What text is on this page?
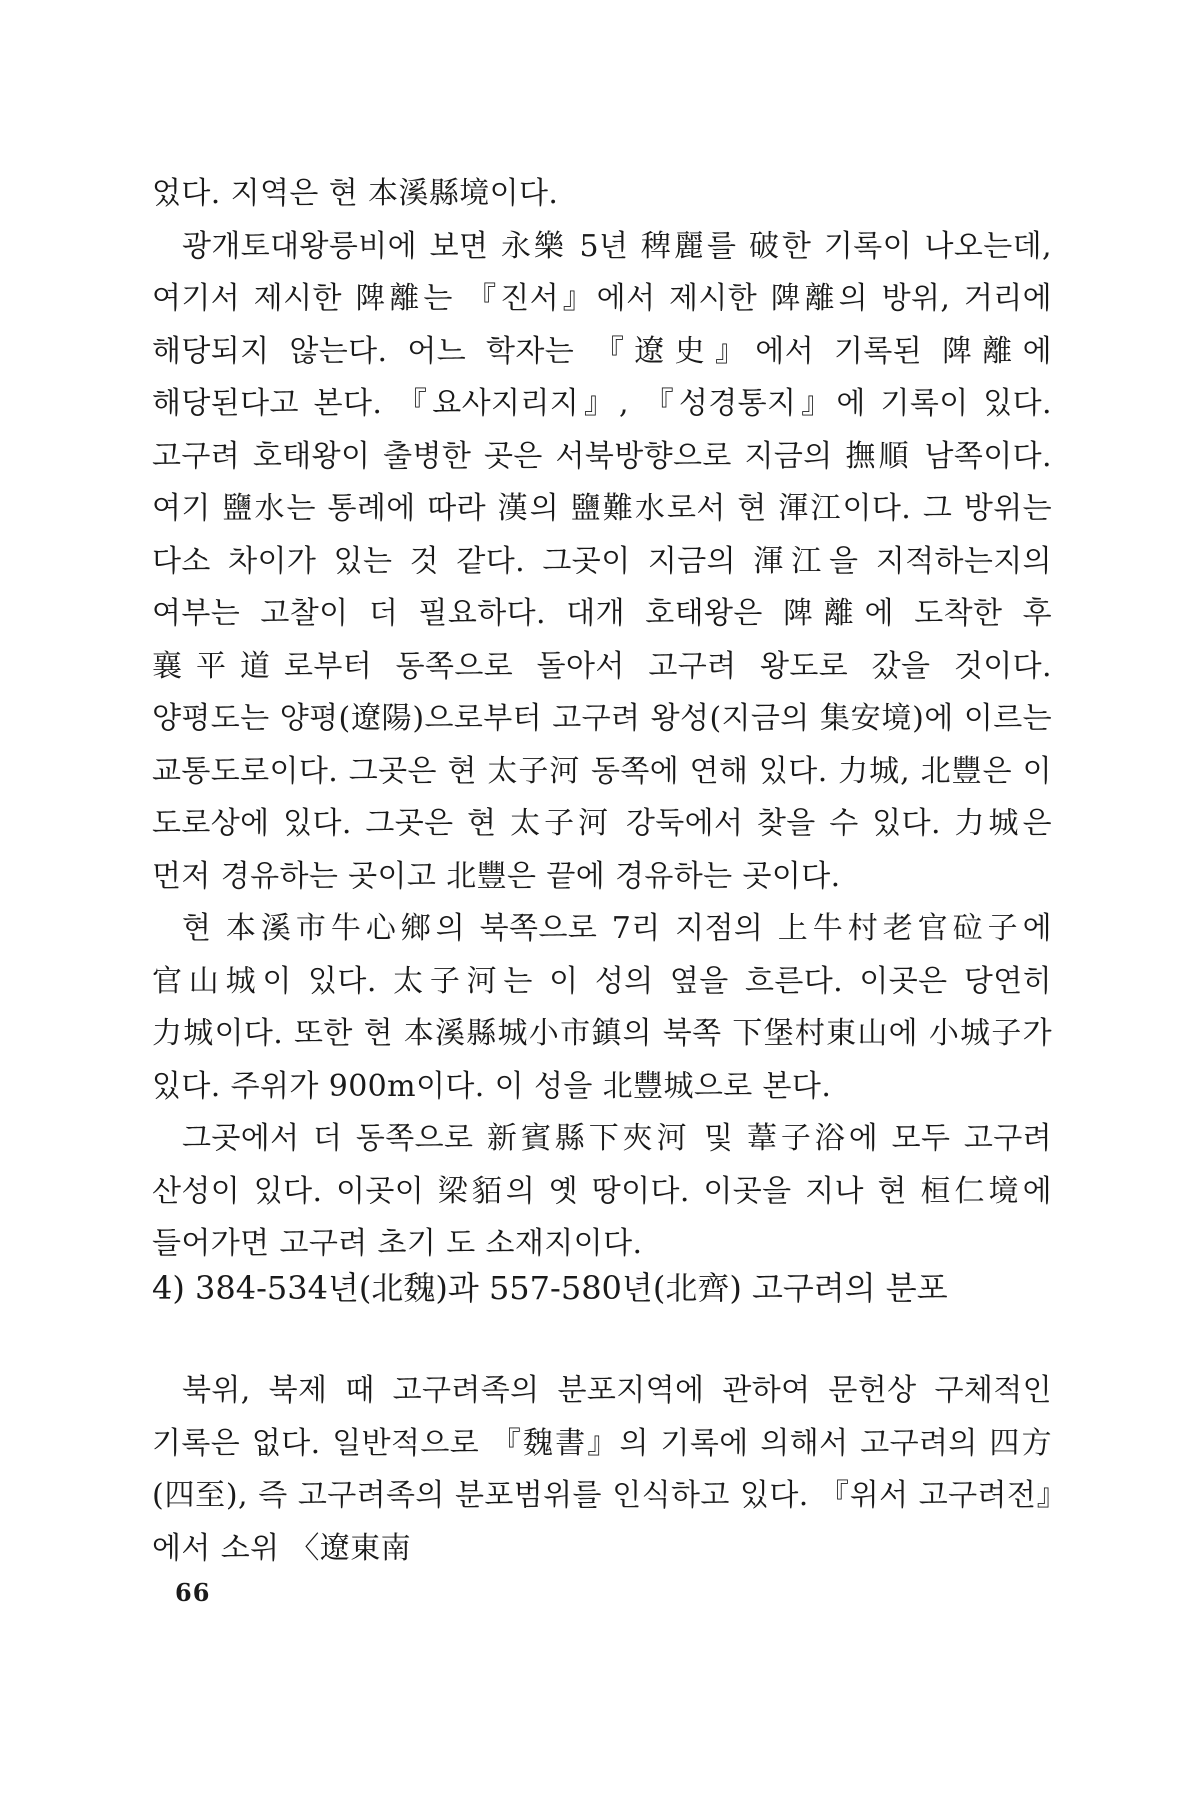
었다. 지역은 현 本溪縣境이다.

광개토대왕릉비에 보면 永樂 5년 稗麗를 破한 기록이 나오는데, 여기서 제시한 陴離는 『진서』에서 제시한 陴離의 방위, 거리에 해당되지 않는다. 어느 학자는 『遼史』에서 기록된 陴離에 해당된다고 본다. 『요사지리지』, 『성경통지』에 기록이 있다. 고구려 호태왕이 출병한 곳은 서북방향으로 지금의 撫順 남쪽이다. 여기 鹽水는 통례에 따라 漢의 鹽難水로서 현 渾江이다. 그 방위는 다소 차이가 있는 것 같다. 그곳이 지금의 渾江을 지적하는지의 여부는 고찰이 더 필요하다. 대개 호태왕은 陴離에 도착한 후 襄平道로부터 동쪽으로 돌아서 고구려 왕도로 갔을 것이다. 양평도는 양평(遼陽)으로부터 고구려 왕성(지금의 集安境)에 이르는 교통도로이다. 그곳은 현 太子河 동쪽에 연해 있다. 力城, 北豐은 이 도로상에 있다. 그곳은 현 太子河 강둑에서 찾을 수 있다. 力城은 먼저 경유하는 곳이고 北豐은 끝에 경유하는 곳이다.

현 本溪市牛心鄉의 북쪽으로 7리 지점의 上牛村老官砬子에 官山城이 있다. 太子河는 이 성의 옆을 흐른다. 이곳은 당연히 力城이다. 또한 현 本溪縣城小市鎮의 북쪽 下堡村東山에 小城子가 있다. 주위가 900m이다. 이 성을 北豐城으로 본다.

그곳에서 더 동쪽으로 新賓縣下夾河 및 葦子浴에 모두 고구려 산성이 있다. 이곳이 梁貊의 옛 땅이다. 이곳을 지나 현 桓仁境에 들어가면 고구려 초기 도 소재지이다.

4) 384-534년(北魏)과 557-580년(北齊) 고구려의 분포

북위, 북제 때 고구려족의 분포지역에 관하여 문헌상 구체적인 기록은 없다. 일반적으로 『魏書』의 기록에 의해서 고구려의 四方(四至), 즉 고구려족의 분포범위를 인식하고 있다. 『위서 고구려전』에서 소위 〈遼東南

66
